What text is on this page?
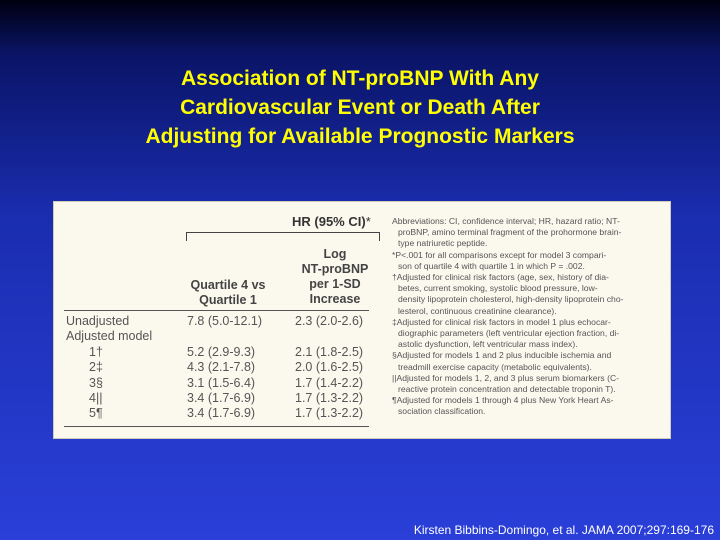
Association of NT-proBNP With Any
Cardiovascular Event or Death After
Adjusting for Available Prognostic Markers
HR (95% CI)*
Quartile 4 vs
Quartile 1
Log
NT-proBNP
per 1-SD
Increase
Unadjusted	7.8 (5.0-12.1)	2.3 (2.0-2.6)
Adjusted model
1†	5.2 (2.9-9.3)	2.1 (1.8-2.5)
2‡	4.3 (2.1-7.8)	2.0 (1.6-2.5)
3§	3.1 (1.5-6.4)	1.7 (1.4-2.2)
4||	3.4 (1.7-6.9)	1.7 (1.3-2.2)
5¶	3.4 (1.7-6.9)	1.7 (1.3-2.2)

Abbreviations: CI, confidence interval; HR, hazard ratio; NT-

proBNP, amino terminal fragment of the prohormone brain-

type natriuretic peptide.

*P<.001 for all comparisons except for model 3 compari-

son of quartile 4 with quartile 1 in which P = .002.

†Adjusted for clinical risk factors (age, sex, history of dia-

betes, current smoking, systolic blood pressure, low-

density lipoprotein cholesterol, high-density lipoprotein cho-

lesterol, continuous creatinine clearance).

‡Adjusted for clinical risk factors in model 1 plus echocar-

diographic parameters (left ventricular ejection fraction, di-

astolic dysfunction, left ventricular mass index).

§Adjusted for models 1 and 2 plus inducible ischemia and

treadmill exercise capacity (metabolic equivalents).

||Adjusted for models 1, 2, and 3 plus serum biomarkers (C-

reactive protein concentration and detectable troponin T).

¶Adjusted for models 1 through 4 plus New York Heart As-

sociation classification.

Kirsten Bibbins-Domingo, et al. JAMA 2007;297:169-176
